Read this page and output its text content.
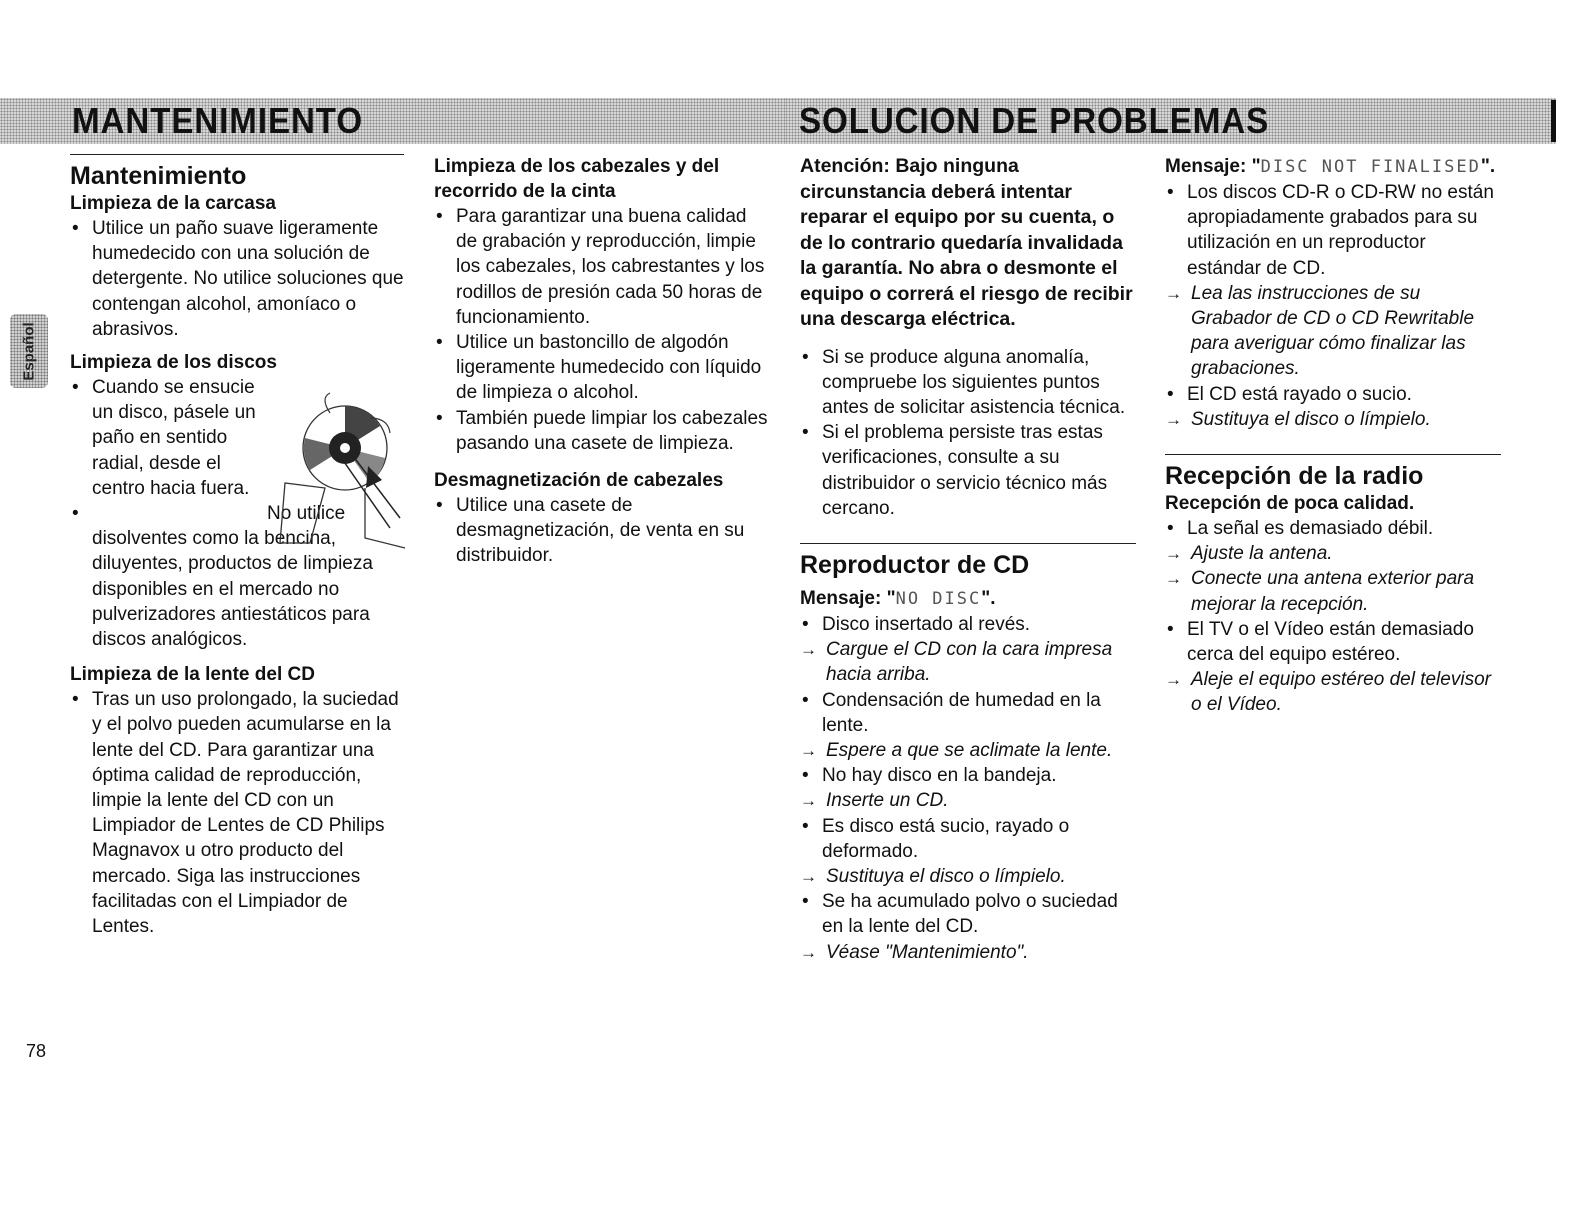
MANTENIMIENTO	SOLUCION DE PROBLEMAS
Español
Mantenimiento
Limpieza de la carcasa

• Utilice un paño suave ligeramente humedecido con una solución de detergente. No utilice soluciones que contengan alcohol, amoníaco o abrasivos.

Limpieza de los discos

• Cuando se ensucie un disco, pásele un paño en sentido radial, desde el centro hacia fuera.

• No utilice disolventes como la bencina, diluyentes, productos de limpieza disponibles en el mercado no pulverizadores antiestáticos para discos analógicos.

Limpieza de la lente del CD

• Tras un uso prolongado, la suciedad y el polvo pueden acumularse en la lente del CD. Para garantizar una óptima calidad de reproducción, limpie la lente del CD con un Limpiador de Lentes de CD Philips Magnavox u otro producto del mercado. Siga las instrucciones facilitadas con el Limpiador de Lentes.

Limpieza de los cabezales y del recorrido de la cinta

• Para garantizar una buena calidad de grabación y reproducción, limpie los cabezales, los cabrestantes y los rodillos de presión cada 50 horas de funcionamiento.

• Utilice un bastoncillo de algodón ligeramente humedecido con líquido de limpieza o alcohol.

• También puede limpiar los cabezales pasando una casete de limpieza.

Desmagnetización de cabezales

• Utilice una casete de desmagnetización, de venta en su distribuidor.

Atención: Bajo ninguna circunstancia deberá intentar reparar el equipo por su cuenta, o de lo contrario quedaría invalidada la garantía. No abra o desmonte el equipo o correrá el riesgo de recibir una descarga eléctrica.

• Si se produce alguna anomalía, compruebe los siguientes puntos antes de solicitar asistencia técnica.

• Si el problema persiste tras estas verificaciones, consulte a su distribuidor o servicio técnico más cercano.

Reproductor de CD
Mensaje: "NO DISC".

• Disco insertado al revés.

→ Cargue el CD con la cara impresa hacia arriba.

• Condensación de humedad en la lente.

→ Espere a que se aclimate la lente.

• No hay disco en la bandeja.

→ Inserte un CD.

• Es disco está sucio, rayado o deformado.

→ Sustituya el disco o límpielo.

• Se ha acumulado polvo o suciedad en la lente del CD.

→ Véase "Mantenimiento".

Mensaje: "DISC NOT FINALISED".

• Los discos CD-R o CD-RW no están apropiadamente grabados para su utilización en un reproductor estándar de CD.

→ Lea las instrucciones de su Grabador de CD o CD Rewritable para averiguar cómo finalizar las grabaciones.

• El CD está rayado o sucio.

→ Sustituya el disco o límpielo.

Recepción de la radio
Recepción de poca calidad.

• La señal es demasiado débil.

→ Ajuste la antena.

→ Conecte una antena exterior para mejorar la recepción.

• El TV o el Vídeo están demasiado cerca del equipo estéreo.

→ Aleje el equipo estéreo del televisor o el Vídeo.

78
